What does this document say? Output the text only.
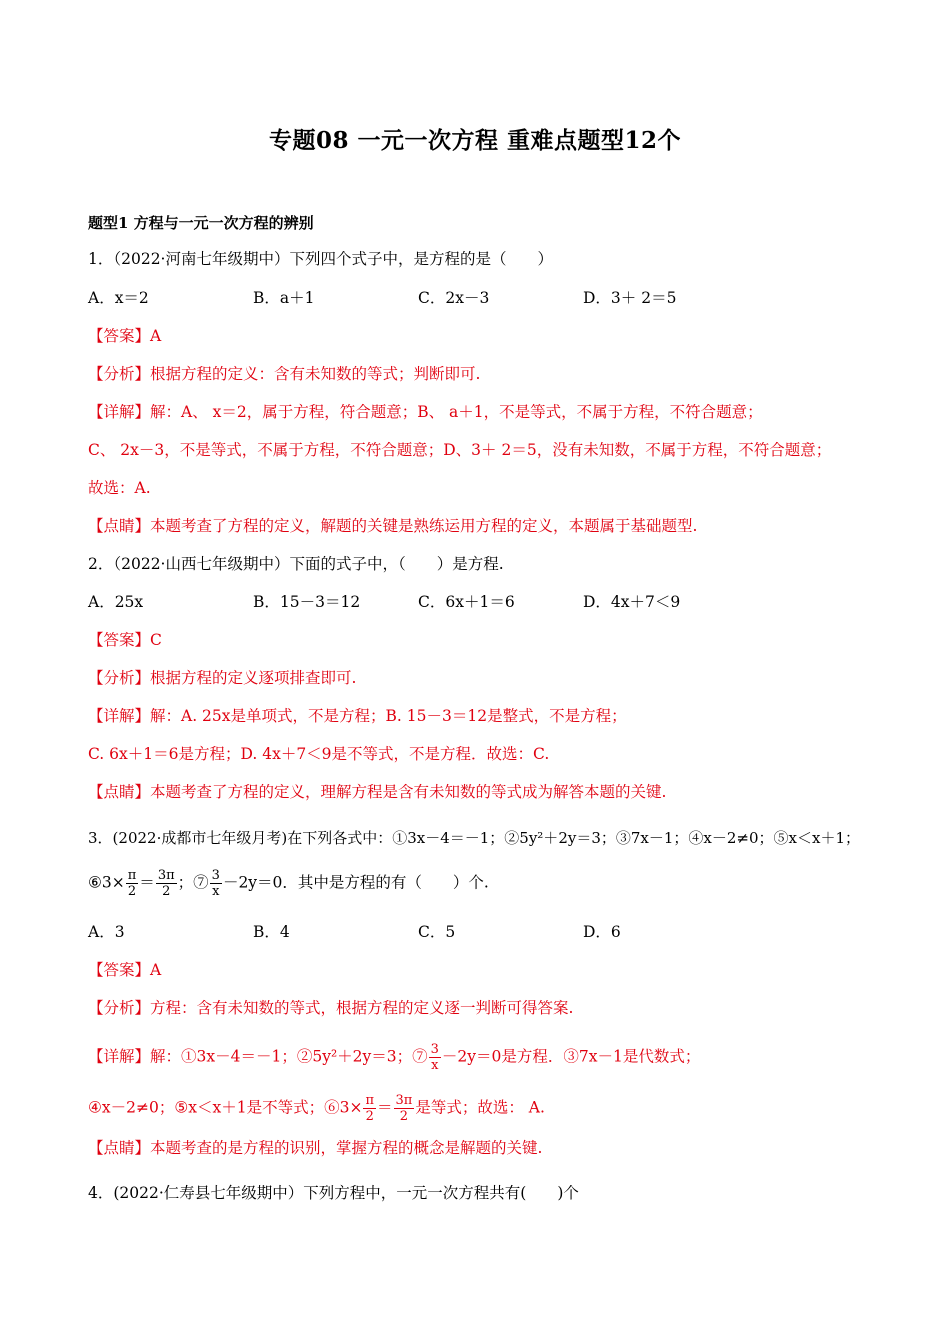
专题08 一元一次方程 重难点题型12个
题型1 方程与一元一次方程的辨别
1．（2022·河南七年级期中）下列四个式子中，是方程的是（　　）
A．x＝2	B．a＋1	C．2x－3	D．3＋ 2＝5
【答案】A
【分析】根据方程的定义：含有未知数的等式；判断即可.
【详解】解：A、 x＝2，属于方程，符合题意；B、 a＋1，不是等式，不属于方程，不符合题意；
C、 2x－3，不是等式，不属于方程，不符合题意；D、3＋ 2＝5，没有未知数，不属于方程，不符合题意；
故选：A.
【点睛】本题考查了方程的定义，解题的关键是熟练运用方程的定义，本题属于基础题型.
2．（2022·山西七年级期中）下面的式子中，（　　）是方程.
A．25x	B．15－3＝12	C．6x＋1＝6	D．4x＋7＜9
【答案】C
【分析】根据方程的定义逐项排查即可.
【详解】解：A. 25x是单项式，不是方程；B. 15－3＝12是整式，不是方程；
C. 6x＋1＝6是方程；D. 4x＋7＜9是不等式，不是方程．故选：C.
【点睛】本题考查了方程的定义，理解方程是含有未知数的等式成为解答本题的关键.
3．(2022·成都市七年级月考)在下列各式中：①3x－4＝－1；②5y²＋2y＝3；③7x－1；④x－2≠0；⑤x＜x＋1；
⑥3× $\frac{\pi}{2} = \frac{3\pi}{2}$ ；⑦ $\frac{3}{x} -2y=0$．其中是方程的有（　　）个.
A．3	B．4	C．5	D．6
【答案】A
【分析】方程：含有未知数的等式，根据方程的定义逐一判断可得答案.
【详解】解：①3x－4＝－1；②5y²＋2y＝3；⑦ $\frac{3}{x} -2y=0$是方程．③7x－1是代数式；
④x－2≠0；⑤x＜x＋1是不等式；⑥3× $\frac{\pi}{2} = \frac{3\pi}{2}$ 是等式；故选： A.
【点睛】本题考查的是方程的识别，掌握方程的概念是解题的关键.
4．(2022·仁寿县七年级期中）下列方程中，一元一次方程共有(　　)个
